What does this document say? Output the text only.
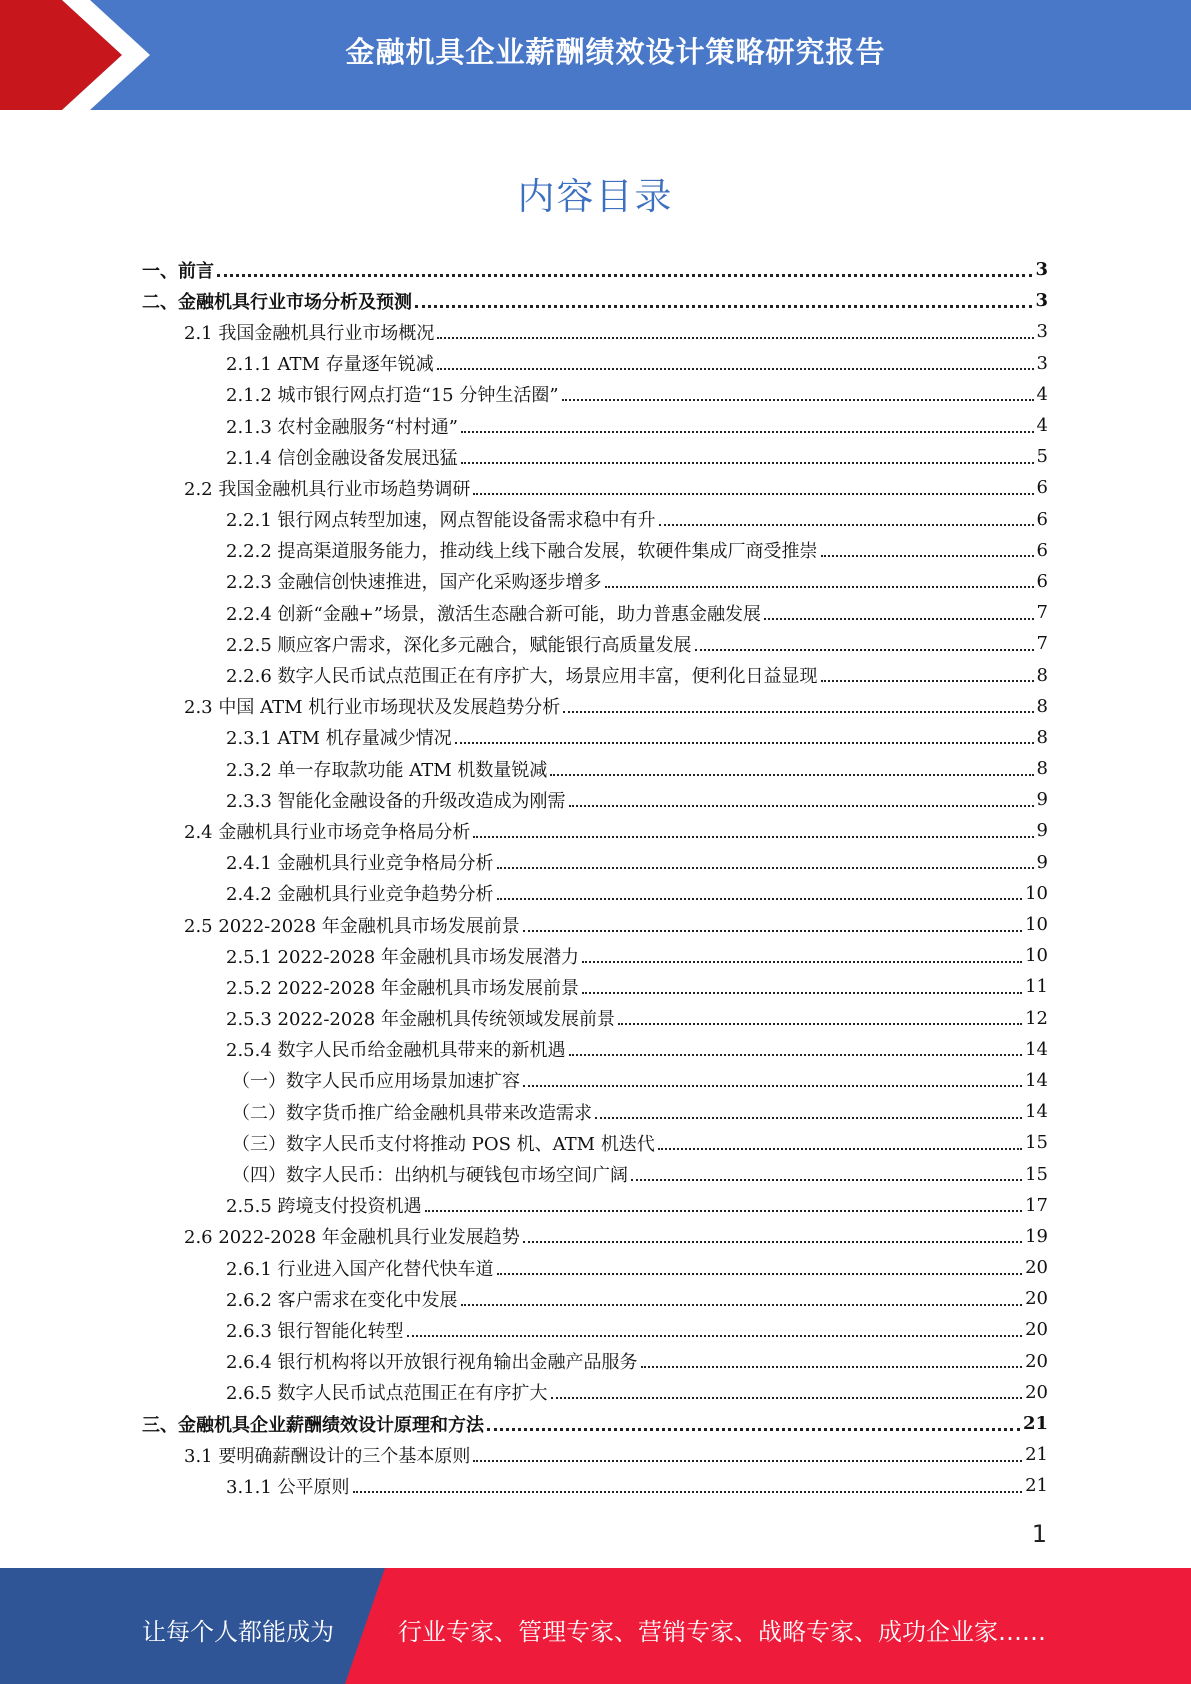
金融机具企业薪酬绩效设计策略研究报告
内容目录
一、前言	3
二、金融机具行业市场分析及预测	3
2.1 我国金融机具行业市场概况	3
2.1.1 ATM 存量逐年锐减	3
2.1.2 城市银行网点打造“15 分钟生活圈”	4
2.1.3 农村金融服务“村村通”	4
2.1.4 信创金融设备发展迅猛	5
2.2 我国金融机具行业市场趋势调研	6
2.2.1 银行网点转型加速，网点智能设备需求稳中有升	6
2.2.2 提高渠道服务能力，推动线上线下融合发展，软硬件集成厂商受推崇	6
2.2.3 金融信创快速推进，国产化采购逐步增多	6
2.2.4 创新“金融+”场景，激活生态融合新可能，助力普惠金融发展	7
2.2.5 顺应客户需求，深化多元融合，赋能银行高质量发展	7
2.2.6 数字人民币试点范围正在有序扩大，场景应用丰富，便利化日益显现	8
2.3 中国 ATM 机行业市场现状及发展趋势分析	8
2.3.1 ATM 机存量减少情况	8
2.3.2 单一存取款功能 ATM 机数量锐减	8
2.3.3 智能化金融设备的升级改造成为刚需	9
2.4 金融机具行业市场竞争格局分析	9
2.4.1 金融机具行业竞争格局分析	9
2.4.2 金融机具行业竞争趋势分析	10
2.5 2022-2028 年金融机具市场发展前景	10
2.5.1 2022-2028 年金融机具市场发展潜力	10
2.5.2 2022-2028 年金融机具市场发展前景	11
2.5.3 2022-2028 年金融机具传统领域发展前景	12
2.5.4 数字人民币给金融机具带来的新机遇	14
（一）数字人民币应用场景加速扩容	14
（二）数字货币推广给金融机具带来改造需求	14
（三）数字人民币支付将推动 POS 机、ATM 机迭代	15
（四）数字人民币：出纳机与硬钱包市场空间广阔	15
2.5.5 跨境支付投资机遇	17
2.6 2022-2028 年金融机具行业发展趋势	19
2.6.1 行业进入国产化替代快车道	20
2.6.2 客户需求在变化中发展	20
2.6.3 银行智能化转型	20
2.6.4 银行机构将以开放银行视角输出金融产品服务	20
2.6.5 数字人民币试点范围正在有序扩大	20
三、金融机具企业薪酬绩效设计原理和方法	21
3.1 要明确薪酬设计的三个基本原则	21
3.1.1 公平原则	21
1
让每个人都能成为	行业专家、管理专家、营销专家、战略专家、成功企业家……
